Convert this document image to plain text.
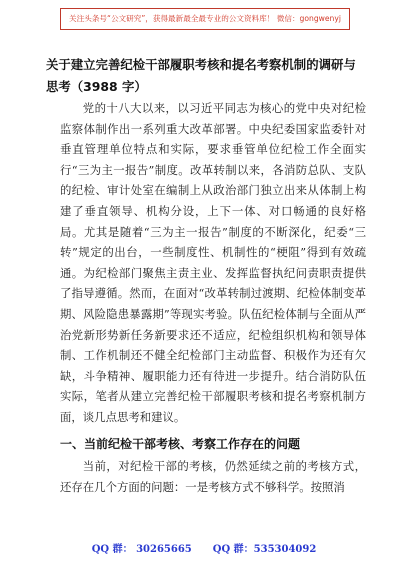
关注头条号“公文研究”，获得最新最全最专业的公文资料库！ 微信：gongwenyj
关于建立完善纪检干部履职考核和提名考察机制的调研与思考（3988 字）

党的十八大以来，以习近平同志为核心的党中央对纪检监察体制作出一系列重大改革部署。中央纪委国家监委针对垂直管理单位特点和实际，要求垂管单位纪检工作全面实行“三为主一报告”制度。改革转制以来，各消防总队、支队的纪检、审计处室在编制上从政治部门独立出来从体制上构建了垂直领导、机构分设，上下一体、对口畅通的良好格局。尤其是随着“三为主一报告”制度的不断深化，纪委“三转”规定的出台，一些制度性、机制性的“梗阻”得到有效疏通。为纪检部门聚焦主责主业、发挥监督执纪问责职责提供了指导遵循。然而，在面对“改革转制过渡期、纪检体制变革期、风险隐患暴露期”等现实考验。队伍纪检体制与全面从严治党新形势新任务新要求还不适应，纪检组织机构和领导体制、工作机制还不健全纪检部门主动监督、积极作为还有欠缺，斗争精神、履职能力还有待进一步提升。结合消防队伍实际，笔者从建立完善纪检干部履职考核和提名考察机制方面，谈几点思考和建议。

一、当前纪检干部考核、考察工作存在的问题

当前，对纪检干部的考核，仍然延续之前的考核方式，还存在几个方面的问题：一是考核方式不够科学。按照消

QQ 群： 30265665 QQ 群：535304092
